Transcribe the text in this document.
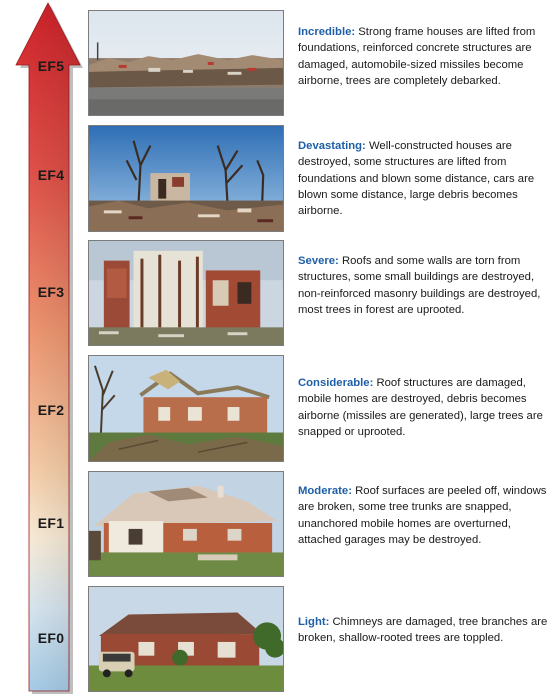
EF5
EF4
EF3
EF2
EF1
EF0
Incredible: Strong frame houses are lifted from foundations, reinforced concrete structures are damaged, automobile-sized missiles become airborne, trees are completely debarked.
Devastating: Well-constructed houses are destroyed, some structures are lifted from foundations and blown some distance, cars are blown some distance, large debris becomes airborne.
Severe: Roofs and some walls are torn from structures, some small buildings are destroyed, non-reinforced masonry buildings are destroyed, most trees in forest are uprooted.
Considerable: Roof structures are damaged, mobile homes are destroyed, debris becomes airborne (missiles are generated), large trees are snapped or uprooted.
Moderate: Roof surfaces are peeled off, windows are broken, some tree trunks are snapped, unanchored mobile homes are overturned, attached garages may be destroyed.
Light: Chimneys are damaged, tree branches are broken, shallow-rooted trees are toppled.
